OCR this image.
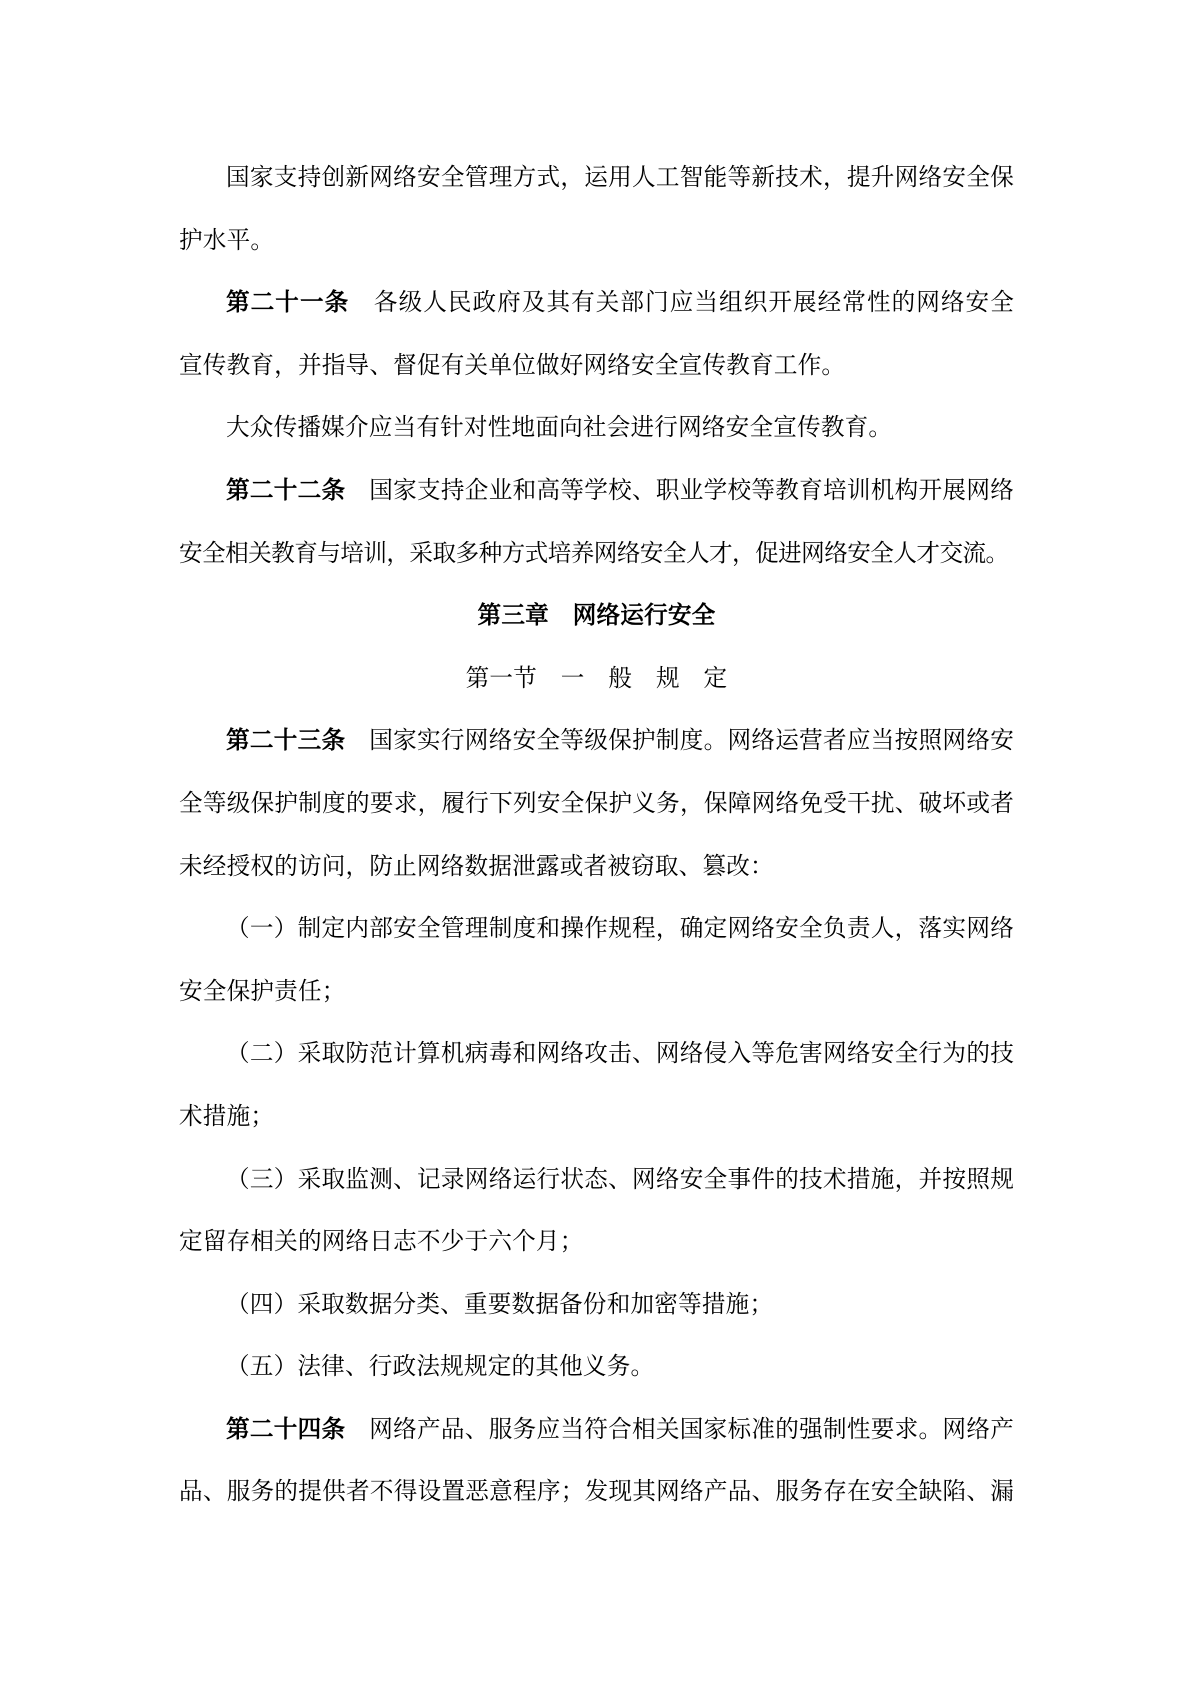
国家支持创新网络安全管理方式，运用人工智能等新技术，提升网络安全保
护水平。
第二十一条　各级人民政府及其有关部门应当组织开展经常性的网络安全
宣传教育，并指导、督促有关单位做好网络安全宣传教育工作。
大众传播媒介应当有针对性地面向社会进行网络安全宣传教育。
第二十二条　国家支持企业和高等学校、职业学校等教育培训机构开展网络
安全相关教育与培训，采取多种方式培养网络安全人才，促进网络安全人才交流。
第三章　网络运行安全
第一节　一　般　规　定
第二十三条　国家实行网络安全等级保护制度。网络运营者应当按照网络安
全等级保护制度的要求，履行下列安全保护义务，保障网络免受干扰、破坏或者
未经授权的访问，防止网络数据泄露或者被窃取、篡改：
（一）制定内部安全管理制度和操作规程，确定网络安全负责人，落实网络
安全保护责任；
（二）采取防范计算机病毒和网络攻击、网络侵入等危害网络安全行为的技
术措施；
（三）采取监测、记录网络运行状态、网络安全事件的技术措施，并按照规
定留存相关的网络日志不少于六个月；
（四）采取数据分类、重要数据备份和加密等措施；
（五）法律、行政法规规定的其他义务。
第二十四条　网络产品、服务应当符合相关国家标准的强制性要求。网络产
品、服务的提供者不得设置恶意程序；发现其网络产品、服务存在安全缺陷、漏
